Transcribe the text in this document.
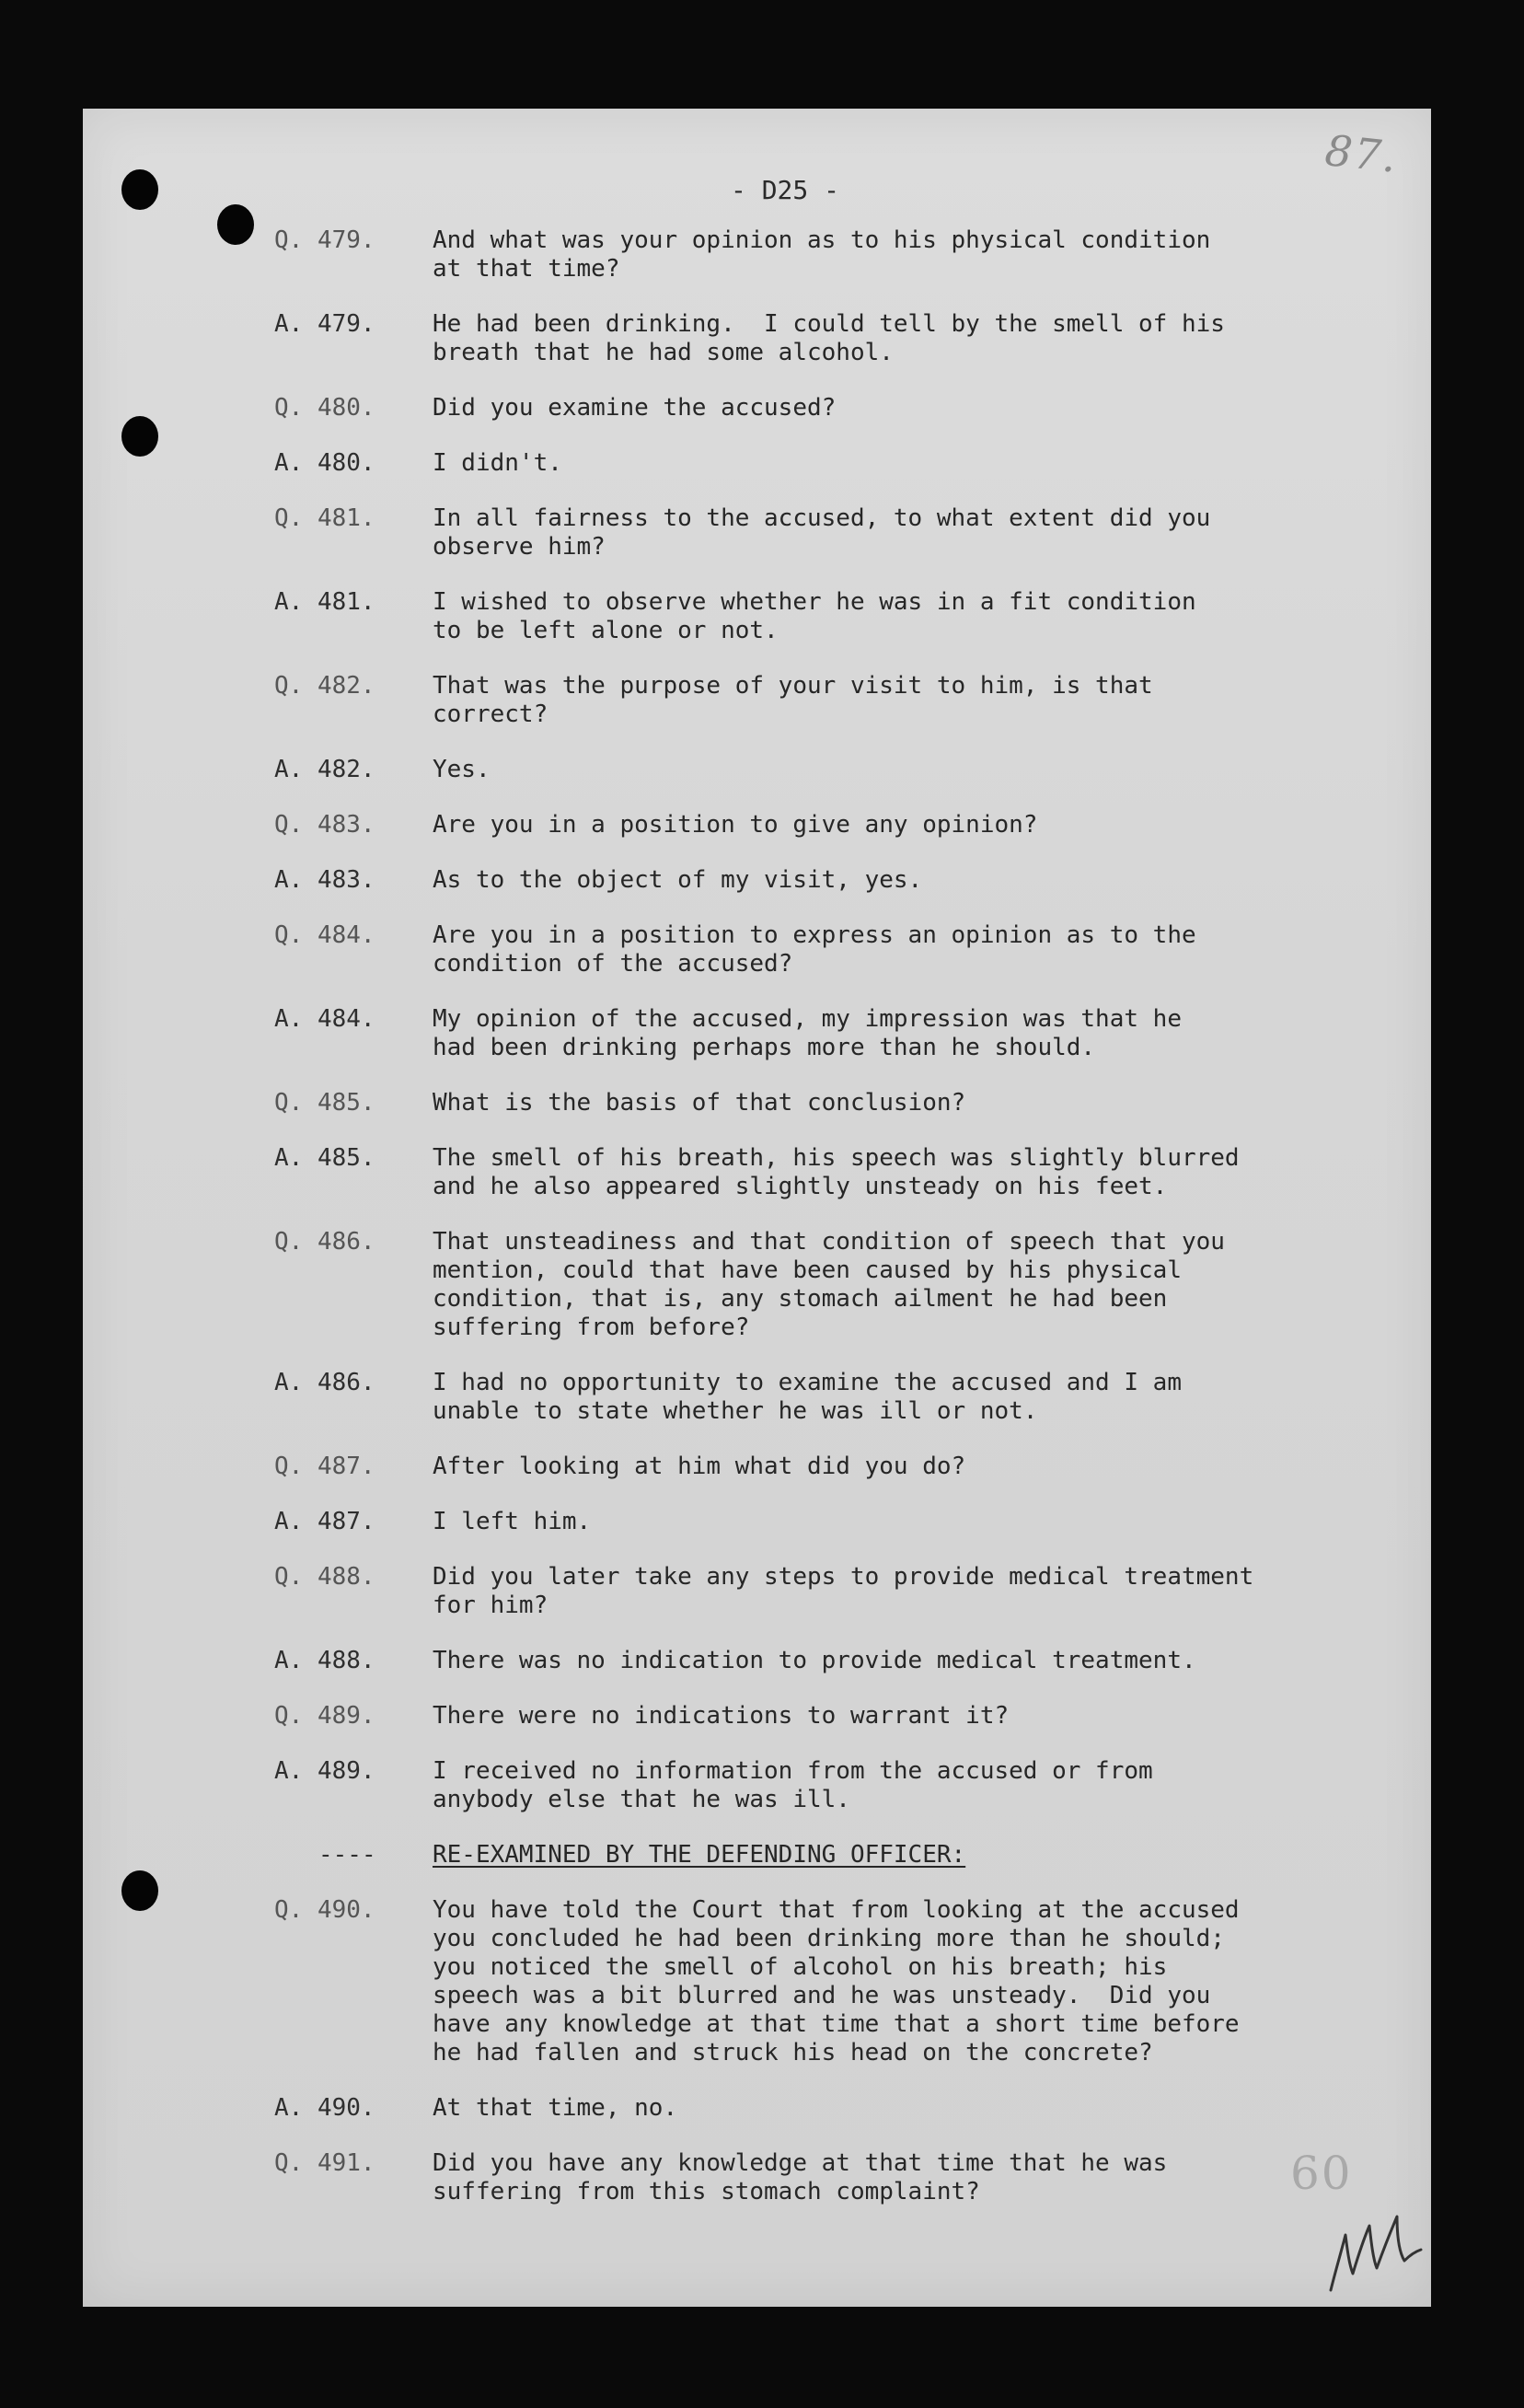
87.
- D25 -
Q. 479.	And what was your opinion as to his physical condition
at that time?
A. 479.	He had been drinking.  I could tell by the smell of his
breath that he had some alcohol.
Q. 480.	Did you examine the accused?
A. 480.	I didn't.
Q. 481.	In all fairness to the accused, to what extent did you
observe him?
A. 481.	I wished to observe whether he was in a fit condition
to be left alone or not.
Q. 482.	That was the purpose of your visit to him, is that
correct?
A. 482.	Yes.
Q. 483.	Are you in a position to give any opinion?
A. 483.	As to the object of my visit, yes.
Q. 484.	Are you in a position to express an opinion as to the
condition of the accused?
A. 484.	My opinion of the accused, my impression was that he
had been drinking perhaps more than he should.
Q. 485.	What is the basis of that conclusion?
A. 485.	The smell of his breath, his speech was slightly blurred
and he also appeared slightly unsteady on his feet.
Q. 486.	That unsteadiness and that condition of speech that you
mention, could that have been caused by his physical
condition, that is, any stomach ailment he had been
suffering from before?
A. 486.	I had no opportunity to examine the accused and I am
unable to state whether he was ill or not.
Q. 487.	After looking at him what did you do?
A. 487.	I left him.
Q. 488.	Did you later take any steps to provide medical treatment
for him?
A. 488.	There was no indication to provide medical treatment.
Q. 489.	There were no indications to warrant it?
A. 489.	I received no information from the accused or from
anybody else that he was ill.
----	RE-EXAMINED BY THE DEFENDING OFFICER:
Q. 490.	You have told the Court that from looking at the accused
you concluded he had been drinking more than he should;
you noticed the smell of alcohol on his breath; his
speech was a bit blurred and he was unsteady.  Did you
have any knowledge at that time that a short time before
he had fallen and struck his head on the concrete?
A. 490.	At that time, no.
Q. 491.	Did you have any knowledge at that time that he was
suffering from this stomach complaint?	60
